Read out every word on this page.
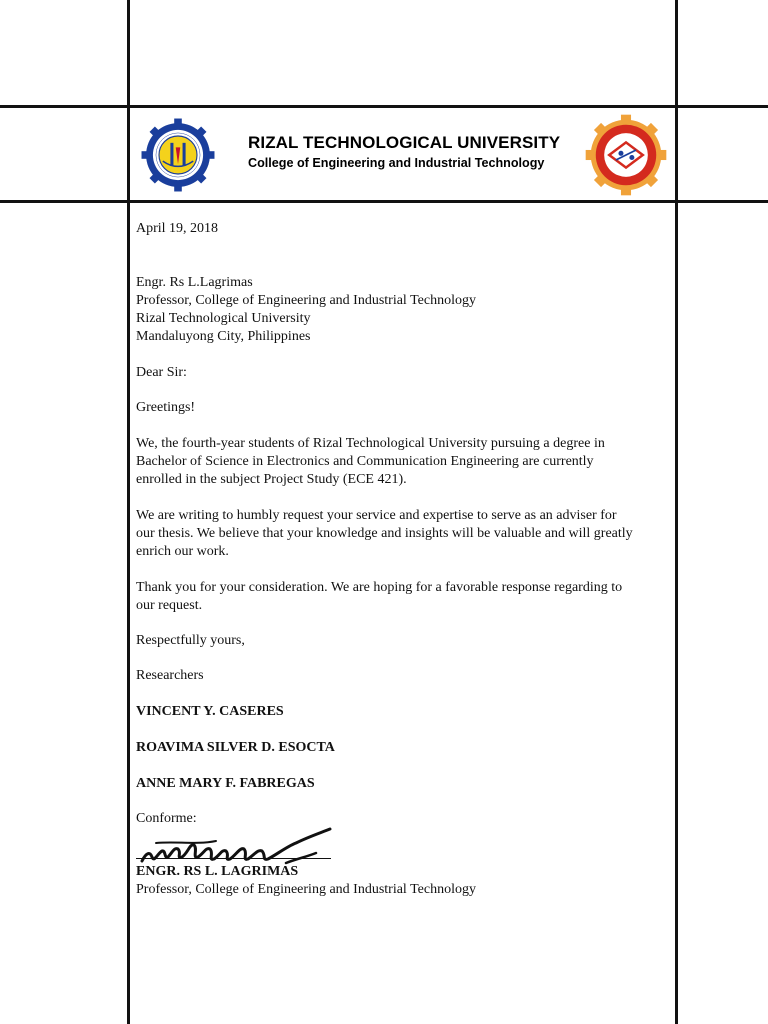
RIZAL TECHNOLOGICAL UNIVERSITY
College of Engineering and Industrial Technology
April 19, 2018
Engr. Rs L.Lagrimas
Professor, College of Engineering and Industrial Technology
Rizal Technological University
Mandaluyong City, Philippines
Dear Sir:
Greetings!
We, the fourth-year students of Rizal Technological University pursuing a degree in
Bachelor of Science in Electronics and Communication Engineering are currently
enrolled in the subject Project Study (ECE 421).
We are writing to humbly request your service and expertise to serve as an adviser for
our thesis. We believe that your knowledge and insights will be valuable and will greatly
enrich our work.
Thank you for your consideration. We are hoping for a favorable response regarding to
our request.
Respectfully yours,
Researchers
VINCENT Y. CASERES
ROAVIMA SILVER D. ESOCTA
ANNE MARY F. FABREGAS
Conforme:
ENGR. RS L. LAGRIMAS
Professor, College of Engineering and Industrial Technology
